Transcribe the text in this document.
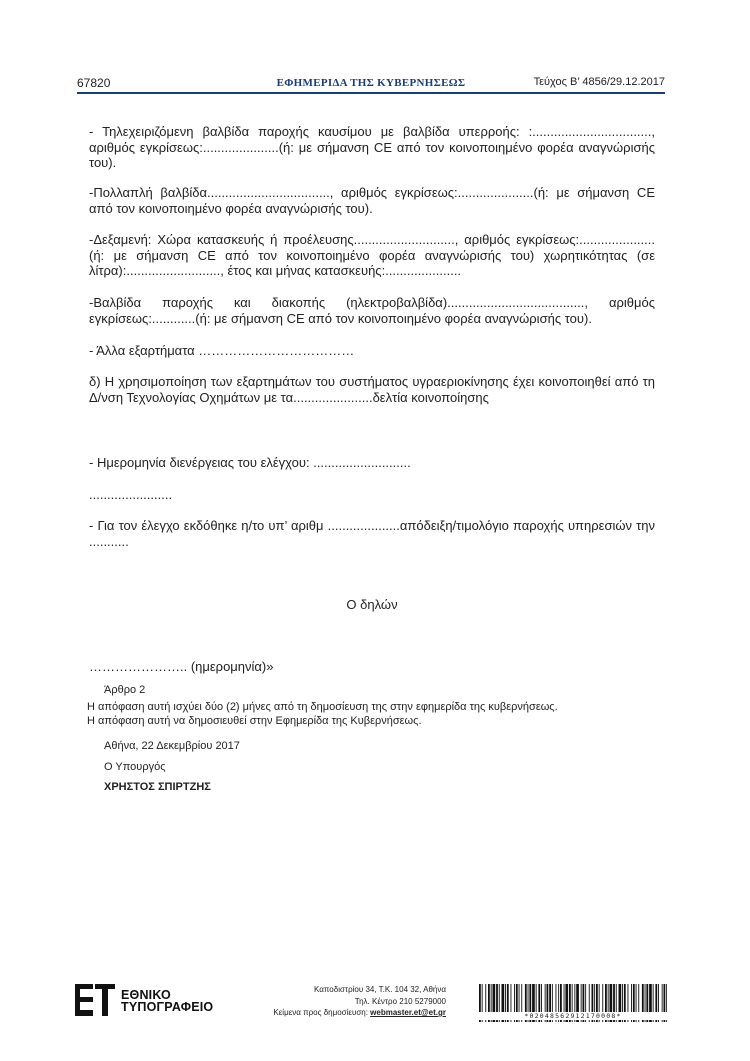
67820	ΕΦΗΜΕΡΙΔΑ ΤΗΣ ΚΥΒΕΡΝΗΣΕΩΣ	Τεύχος Β’ 4856/29.12.2017

- Τηλεχειριζόμενη βαλβίδα παροχής καυσίμου με βαλβίδα υπερροής: :................................., αριθμός εγκρίσεως:.....................(ή: με σήμανση CE από τον κοινοποιημένο φορέα αναγνώρισής του).

-Πολλαπλή βαλβίδα.................................., αριθμός εγκρίσεως:.....................(ή: με σήμανση CE από τον κοινοποιημένο φορέα αναγνώρισής του).

-Δεξαμενή: Χώρα κατασκευής ή προέλευσης............................, αριθμός εγκρίσεως:.....................(ή: με σήμανση CE από τον κοινοποιημένο φορέα αναγνώρισής του) χωρητικότητας (σε λίτρα):.........................., έτος και μήνας κατασκευής:.....................

-Βαλβίδα παροχής και διακοπής (ηλεκτροβαλβίδα)......................................, αριθμός εγκρίσεως:............(ή: με σήμανση CE από τον κοινοποιημένο φορέα αναγνώρισής του).

- Άλλα εξαρτήματα ………………………………

δ) Η χρησιμοποίηση των εξαρτημάτων του συστήματος υγραεριοκίνησης έχει κοινοποιηθεί από τη Δ/νση Τεχνολογίας Οχημάτων με τα......................δελτία κοινοποίησης

- Ημερομηνία διενέργειας του ελέγχου: ...........................

.......................

- Για τον έλεγχο εκδόθηκε η/το υπ’ αριθμ ....................απόδειξη/τιμολόγιο παροχής υπηρεσιών την ...........

Ο δηλών

………………….. (ημερομηνία)»

Άρθρο 2
Η απόφαση αυτή ισχύει δύο (2) μήνες από τη δημοσίευση της στην εφημερίδα της κυβερνήσεως.
Η απόφαση αυτή να δημοσιευθεί στην Εφημερίδα της Κυβερνήσεως.
Αθήνα, 22 Δεκεμβρίου 2017
Ο Υπουργός
ΧΡΗΣΤΟΣ ΣΠΙΡΤΖΗΣ
ΕΘΝΙΚΟ
ΤΥΠΟΓΡΑΦΕΙΟ
Καποδιστρίου 34, Τ.Κ. 104 32, Αθήνα
Τηλ. Κέντρο 210 5279000
Κείμενα προς δημοσίευση: webmaster.et@et.gr	*02048562912170008*
